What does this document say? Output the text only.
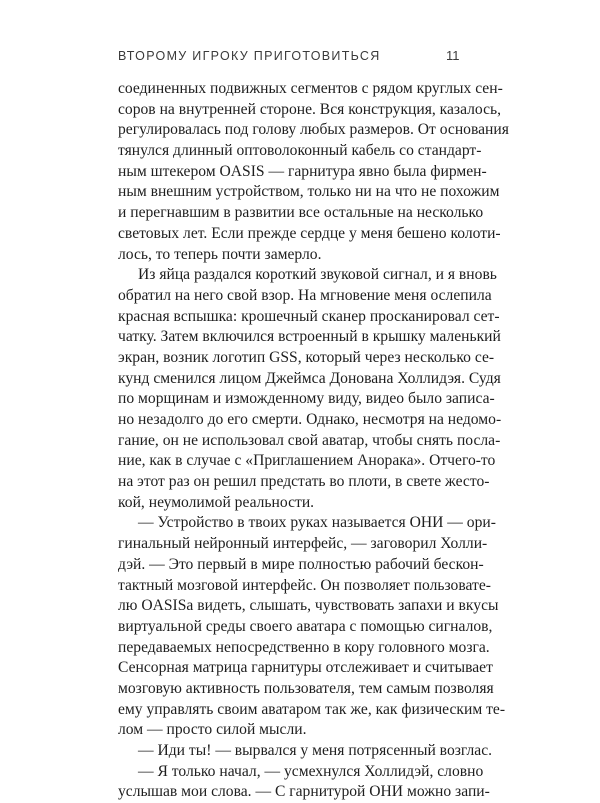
ВТОРОМУ ИГРОКУ ПРИГОТОВИТЬСЯ	11
соединенных подвижных сегментов с рядом круглых сен-
соров на внутренней стороне. Вся конструкция, казалось,
регулировалась под голову любых размеров. От основания
тянулся длинный оптоволоконный кабель со стандарт-
ным штекером OASIS — гарнитура явно была фирмен-
ным внешним устройством, только ни на что не похожим
и перегнавшим в развитии все остальные на несколько
световых лет. Если прежде сердце у меня бешено колоти-
лось, то теперь почти замерло.
Из яйца раздался короткий звуковой сигнал, и я вновь
обратил на него свой взор. На мгновение меня ослепила
красная вспышка: крошечный сканер просканировал сет-
чатку. Затем включился встроенный в крышку маленький
экран, возник логотип GSS, который через несколько се-
кунд сменился лицом Джеймса Донована Холлидэя. Судя
по морщинам и изможденному виду, видео было записа-
но незадолго до его смерти. Однако, несмотря на недомо-
гание, он не использовал свой аватар, чтобы снять посла-
ние, как в случае с «Приглашением Анорака». Отчего-то
на этот раз он решил предстать во плоти, в свете жесто-
кой, неумолимой реальности.
— Устройство в твоих руках называется ОНИ — ори-
гинальный нейронный интерфейс, — заговорил Холли-
дэй. — Это первый в мире полностью рабочий бескон-
тактный мозговой интерфейс. Он позволяет пользовате-
лю OASISа видеть, слышать, чувствовать запахи и вкусы
виртуальной среды своего аватара с помощью сигналов,
передаваемых непосредственно в кору головного мозга.
Сенсорная матрица гарнитуры отслеживает и считывает
мозговую активность пользователя, тем самым позволяя
ему управлять своим аватаром так же, как физическим те-
лом — просто силой мысли.
— Иди ты! — вырвался у меня потрясенный возглас.
— Я только начал, — усмехнулся Холлидэй, словно
услышав мои слова. — С гарнитурой ОНИ можно запи-
